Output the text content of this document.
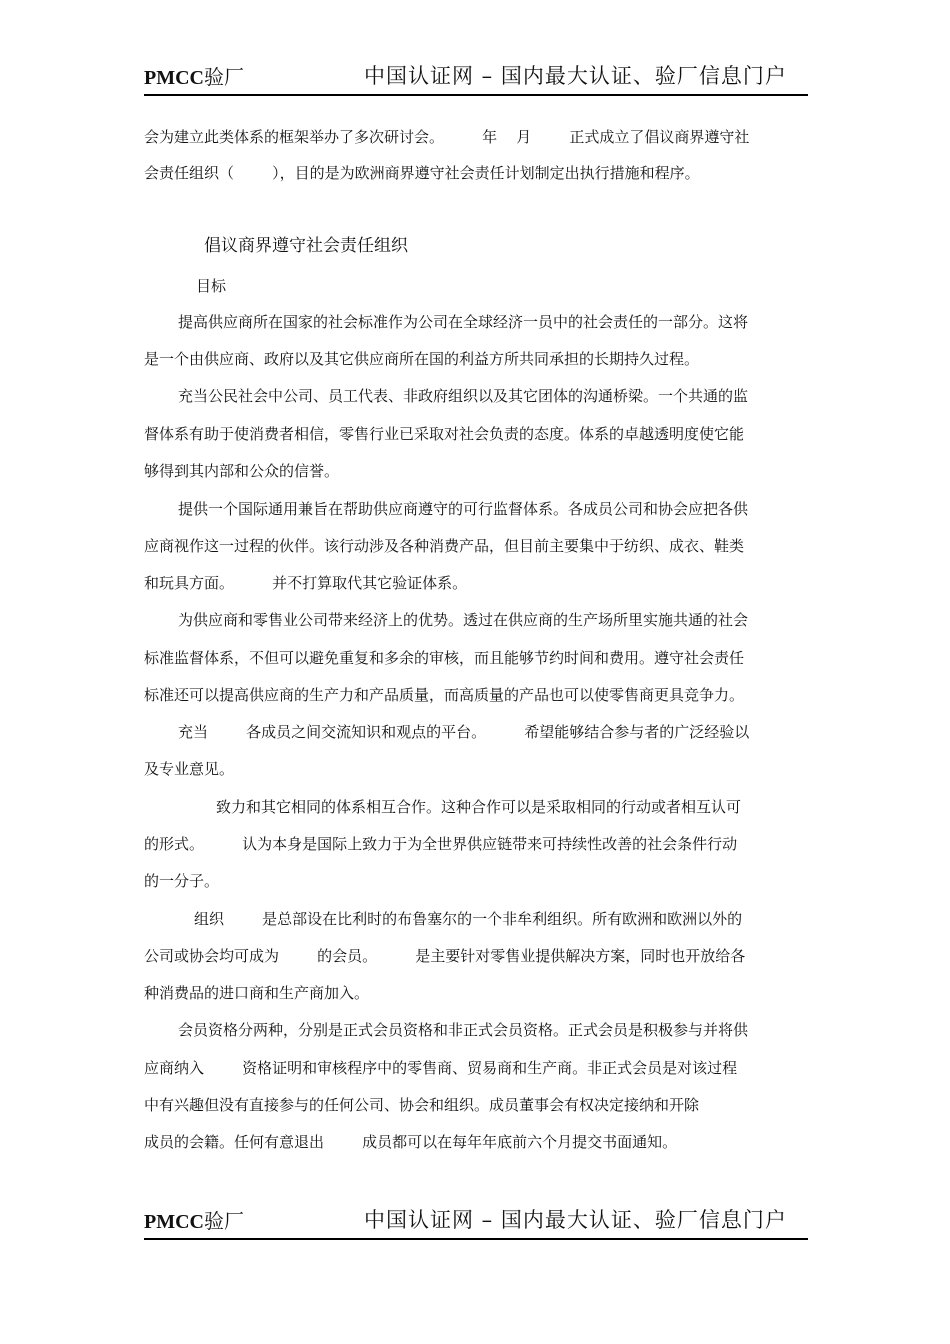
PMCC验厂	中国认证网 – 国内最大认证、验厂信息门户
会为建立此类体系的框架举办了多次研讨会。        年    月        正式成立了倡议商界遵守社
会责任组织（        ），目的是为欧洲商界遵守社会责任计划制定出执行措施和程序。
倡议商界遵守社会责任组织
目标
提高供应商所在国家的社会标准作为公司在全球经济一员中的社会责任的一部分。这将
是一个由供应商、政府以及其它供应商所在国的利益方所共同承担的长期持久过程。
充当公民社会中公司、员工代表、非政府组织以及其它团体的沟通桥梁。一个共通的监
督体系有助于使消费者相信，零售行业已采取对社会负责的态度。体系的卓越透明度使它能
够得到其内部和公众的信誉。
提供一个国际通用兼旨在帮助供应商遵守的可行监督体系。各成员公司和协会应把各供
应商视作这一过程的伙伴。该行动涉及各种消费产品，但目前主要集中于纺织、成衣、鞋类
和玩具方面。        并不打算取代其它验证体系。
为供应商和零售业公司带来经济上的优势。透过在供应商的生产场所里实施共通的社会
标准监督体系，不但可以避免重复和多余的审核，而且能够节约时间和费用。遵守社会责任
标准还可以提高供应商的生产力和产品质量，而高质量的产品也可以使零售商更具竞争力。
充当        各成员之间交流知识和观点的平台。        希望能够结合参与者的广泛经验以
及专业意见。
致力和其它相同的体系相互合作。这种合作可以是采取相同的行动或者相互认可
的形式。        认为本身是国际上致力于为全世界供应链带来可持续性改善的社会条件行动
的一分子。
组织        是总部设在比利时的布鲁塞尔的一个非牟利组织。所有欧洲和欧洲以外的
公司或协会均可成为        的会员。        是主要针对零售业提供解决方案，同时也开放给各
种消费品的进口商和生产商加入。
会员资格分两种，分别是正式会员资格和非正式会员资格。正式会员是积极参与并将供
应商纳入        资格证明和审核程序中的零售商、贸易商和生产商。非正式会员是对该过程
中有兴趣但没有直接参与的任何公司、协会和组织。成员董事会有权决定接纳和开除
成员的会籍。任何有意退出        成员都可以在每年年底前六个月提交书面通知。
PMCC验厂	中国认证网 – 国内最大认证、验厂信息门户
